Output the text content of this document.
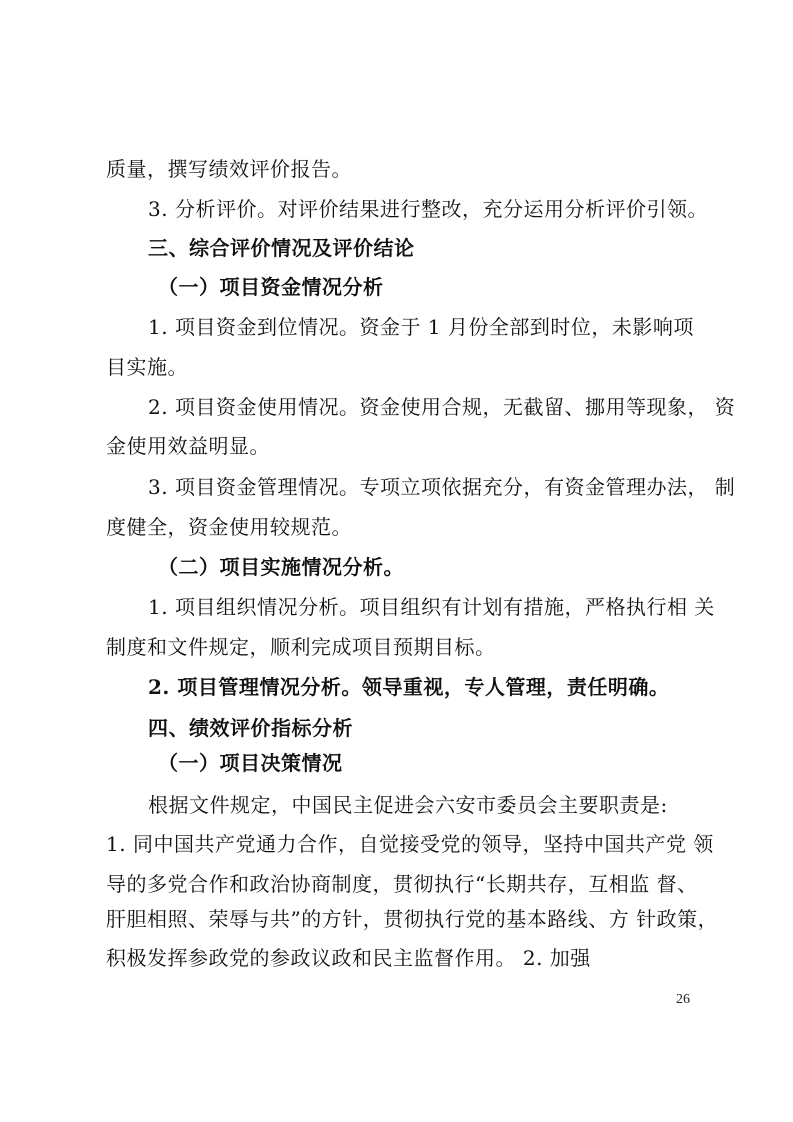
质量，撰写绩效评价报告。
3. 分析评价。对评价结果进行整改，充分运用分析评价引领。
三、综合评价情况及评价结论
（一）项目资金情况分析
1. 项目资金到位情况。资金于 1 月份全部到时位，未影响项
目实施。
2. 项目资金使用情况。资金使用合规，无截留、挪用等现象， 资
金使用效益明显。
3. 项目资金管理情况。专项立项依据充分，有资金管理办法， 制
度健全，资金使用较规范。
（二）项目实施情况分析。
1. 项目组织情况分析。项目组织有计划有措施，严格执行相 关
制度和文件规定，顺利完成项目预期目标。
2. 项目管理情况分析。领导重视，专人管理，责任明确。
四、绩效评价指标分析
（一）项目决策情况
根据文件规定，中国民主促进会六安市委员会主要职责是:
1. 同中国共产党通力合作，自觉接受党的领导，坚持中国共产党 领
导的多党合作和政治协商制度，贯彻执行“长期共存，互相监 督、
肝胆相照、荣辱与共”的方针，贯彻执行党的基本路线、方 针政策，
积极发挥参政党的参政议政和民主监督作用。 2. 加强
26
